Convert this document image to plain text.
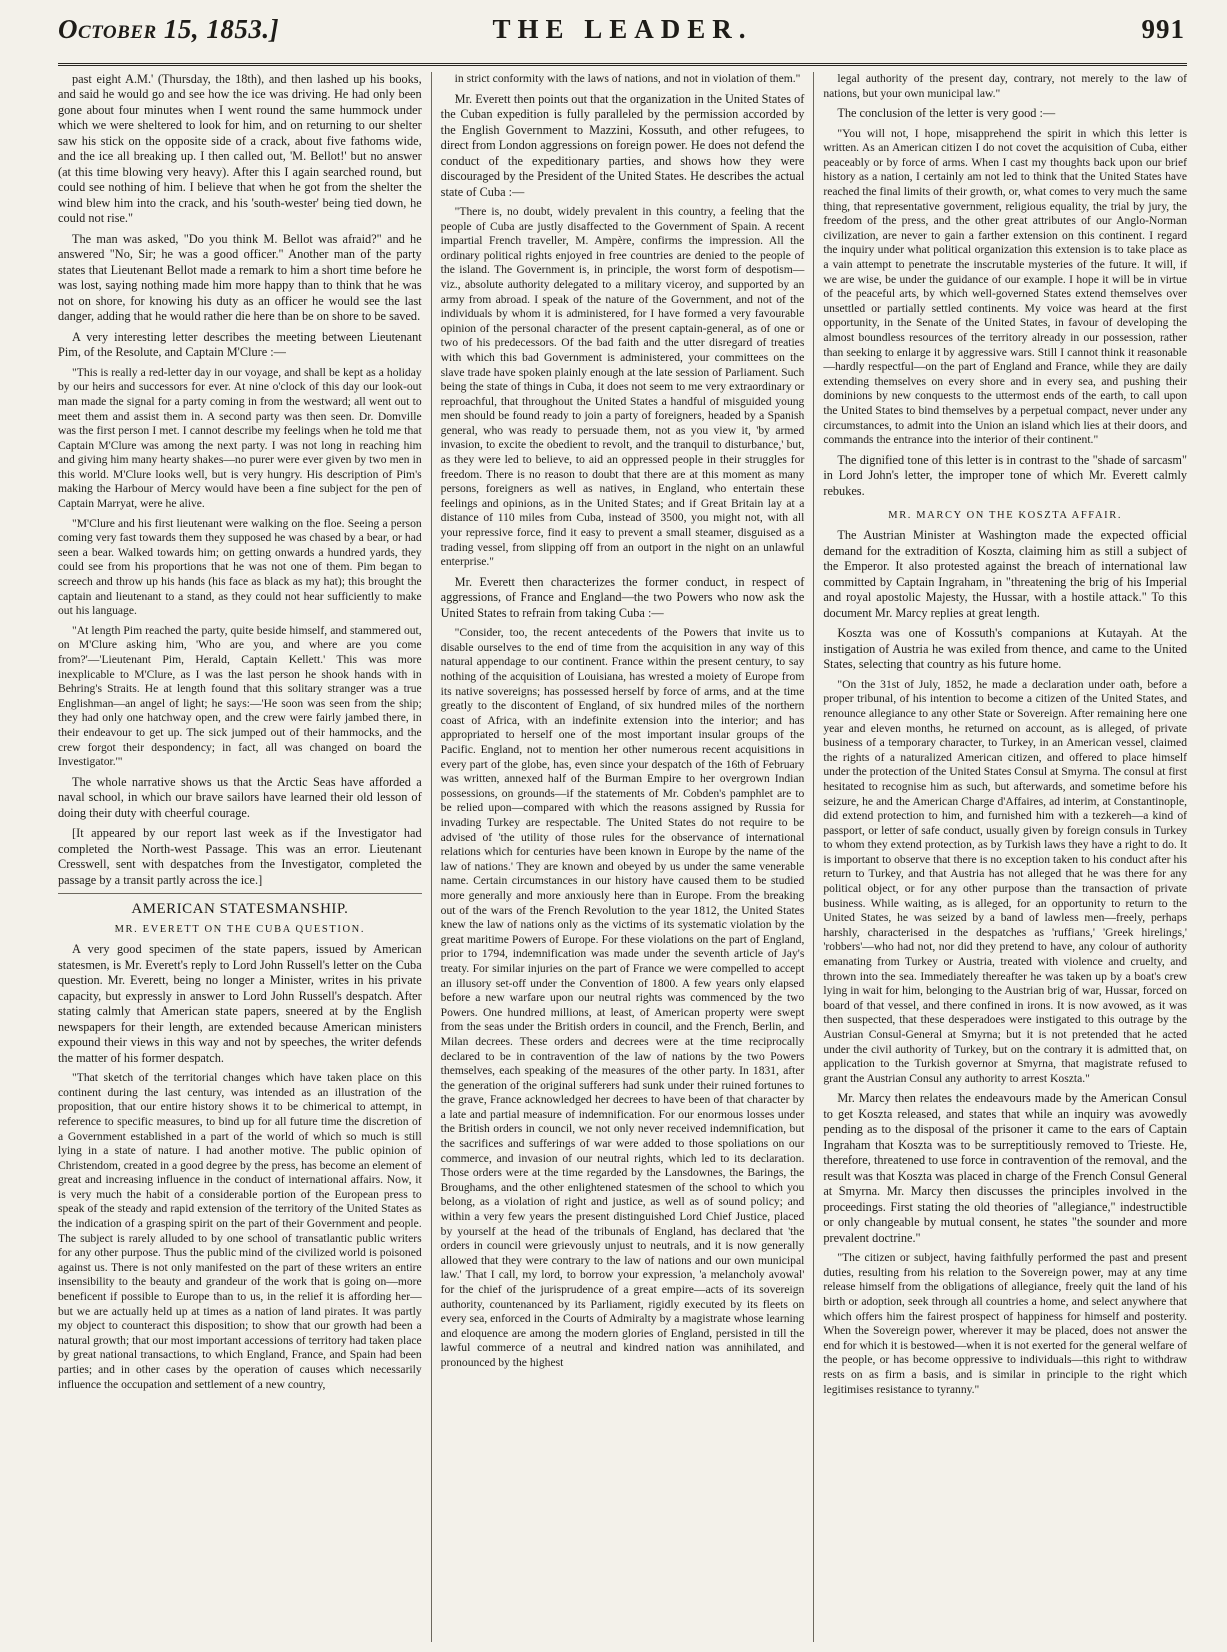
October 15, 1853.]	THE LEADER.	991

past eight A.M.' (Thursday, the 18th), and then lashed up his books, and said he would go and see how the ice was driving. He had only been gone about four minutes when I went round the same hummock under which we were sheltered to look for him, and on returning to our shelter saw his stick on the opposite side of a crack, about five fathoms wide, and the ice all breaking up. I then called out, 'M. Bellot!' but no answer (at this time blowing very heavy). After this I again searched round, but could see nothing of him. I believe that when he got from the shelter the wind blew him into the crack, and his 'south-wester' being tied down, he could not rise."

The man was asked, "Do you think M. Bellot was afraid?" and he answered "No, Sir; he was a good officer." Another man of the party states that Lieutenant Bellot made a remark to him a short time before he was lost, saying nothing made him more happy than to think that he was not on shore, for knowing his duty as an officer he would see the last danger, adding that he would rather die here than be on shore to be saved.

A very interesting letter describes the meeting between Lieutenant Pim, of the Resolute, and Captain M'Clure :—

"This is really a red-letter day in our voyage, and shall be kept as a holiday by our heirs and successors for ever. At nine o'clock of this day our look-out man made the signal for a party coming in from the westward; all went out to meet them and assist them in. A second party was then seen. Dr. Domville was the first person I met. I cannot describe my feelings when he told me that Captain M'Clure was among the next party. I was not long in reaching him and giving him many hearty shakes—no purer were ever given by two men in this world. M'Clure looks well, but is very hungry. His description of Pim's making the Harbour of Mercy would have been a fine subject for the pen of Captain Marryat, were he alive.

"M'Clure and his first lieutenant were walking on the floe. Seeing a person coming very fast towards them they supposed he was chased by a bear, or had seen a bear. Walked towards him; on getting onwards a hundred yards, they could see from his proportions that he was not one of them. Pim began to screech and throw up his hands (his face as black as my hat); this brought the captain and lieutenant to a stand, as they could not hear sufficiently to make out his language.

"At length Pim reached the party, quite beside himself, and stammered out, on M'Clure asking him, 'Who are you, and where are you come from?'—'Lieutenant Pim, Herald, Captain Kellett.' This was more inexplicable to M'Clure, as I was the last person he shook hands with in Behring's Straits. He at length found that this solitary stranger was a true Englishman—an angel of light; he says:—'He soon was seen from the ship; they had only one hatchway open, and the crew were fairly jambed there, in their endeavour to get up. The sick jumped out of their hammocks, and the crew forgot their despondency; in fact, all was changed on board the Investigator.'"

The whole narrative shows us that the Arctic Seas have afforded a naval school, in which our brave sailors have learned their old lesson of doing their duty with cheerful courage.

[It appeared by our report last week as if the Investigator had completed the North-west Passage. This was an error. Lieutenant Cresswell, sent with despatches from the Investigator, completed the passage by a transit partly across the ice.]

AMERICAN STATESMANSHIP.
MR. EVERETT ON THE CUBA QUESTION.

A very good specimen of the state papers, issued by American statesmen, is Mr. Everett's reply to Lord John Russell's letter on the Cuba question. Mr. Everett, being no longer a Minister, writes in his private capacity, but expressly in answer to Lord John Russell's despatch. After stating calmly that American state papers, sneered at by the English newspapers for their length, are extended because American ministers expound their views in this way and not by speeches, the writer defends the matter of his former despatch.

"That sketch of the territorial changes which have taken place on this continent during the last century, was intended as an illustration of the proposition, that our entire history shows it to be chimerical to attempt, in reference to specific measures, to bind up for all future time the discretion of a Government established in a part of the world of which so much is still lying in a state of nature. I had another motive. The public opinion of Christendom, created in a good degree by the press, has become an element of great and increasing influence in the conduct of international affairs. Now, it is very much the habit of a considerable portion of the European press to speak of the steady and rapid extension of the territory of the United States as the indication of a grasping spirit on the part of their Government and people. The subject is rarely alluded to by one school of transatlantic public writers for any other purpose. Thus the public mind of the civilized world is poisoned against us. There is not only manifested on the part of these writers an entire insensibility to the beauty and grandeur of the work that is going on—more beneficent if possible to Europe than to us, in the relief it is affording her—but we are actually held up at times as a nation of land pirates. It was partly my object to counteract this disposition; to show that our growth had been a natural growth; that our most important accessions of territory had taken place by great national transactions, to which England, France, and Spain had been parties; and in other cases by the operation of causes which necessarily influence the occupation and settlement of a new country,

in strict conformity with the laws of nations, and not in violation of them."

Mr. Everett then points out that the organization in the United States of the Cuban expedition is fully paralleled by the permission accorded by the English Government to Mazzini, Kossuth, and other refugees, to direct from London aggressions on foreign power. He does not defend the conduct of the expeditionary parties, and shows how they were discouraged by the President of the United States. He describes the actual state of Cuba :—

"There is, no doubt, widely prevalent in this country, a feeling that the people of Cuba are justly disaffected to the Government of Spain. A recent impartial French traveller, M. Ampère, confirms the impression. All the ordinary political rights enjoyed in free countries are denied to the people of the island. The Government is, in principle, the worst form of despotism—viz., absolute authority delegated to a military viceroy, and supported by an army from abroad. I speak of the nature of the Government, and not of the individuals by whom it is administered, for I have formed a very favourable opinion of the personal character of the present captain-general, as of one or two of his predecessors. Of the bad faith and the utter disregard of treaties with which this bad Government is administered, your committees on the slave trade have spoken plainly enough at the late session of Parliament. Such being the state of things in Cuba, it does not seem to me very extraordinary or reproachful, that throughout the United States a handful of misguided young men should be found ready to join a party of foreigners, headed by a Spanish general, who was ready to persuade them, not as you view it, 'by armed invasion, to excite the obedient to revolt, and the tranquil to disturbance,' but, as they were led to believe, to aid an oppressed people in their struggles for freedom. There is no reason to doubt that there are at this moment as many persons, foreigners as well as natives, in England, who entertain these feelings and opinions, as in the United States; and if Great Britain lay at a distance of 110 miles from Cuba, instead of 3500, you might not, with all your repressive force, find it easy to prevent a small steamer, disguised as a trading vessel, from slipping off from an outport in the night on an unlawful enterprise."

Mr. Everett then characterizes the former conduct, in respect of aggressions, of France and England—the two Powers who now ask the United States to refrain from taking Cuba :—

"Consider, too, the recent antecedents of the Powers that invite us to disable ourselves to the end of time from the acquisition in any way of this natural appendage to our continent. France within the present century, to say nothing of the acquisition of Louisiana, has wrested a moiety of Europe from its native sovereigns; has possessed herself by force of arms, and at the time greatly to the discontent of England, of six hundred miles of the northern coast of Africa, with an indefinite extension into the interior; and has appropriated to herself one of the most important insular groups of the Pacific. England, not to mention her other numerous recent acquisitions in every part of the globe, has, even since your despatch of the 16th of February was written, annexed half of the Burman Empire to her overgrown Indian possessions, on grounds—if the statements of Mr. Cobden's pamphlet are to be relied upon—compared with which the reasons assigned by Russia for invading Turkey are respectable. The United States do not require to be advised of 'the utility of those rules for the observance of international relations which for centuries have been known in Europe by the name of the law of nations.' They are known and obeyed by us under the same venerable name. Certain circumstances in our history have caused them to be studied more generally and more anxiously here than in Europe. From the breaking out of the wars of the French Revolution to the year 1812, the United States knew the law of nations only as the victims of its systematic violation by the great maritime Powers of Europe. For these violations on the part of England, prior to 1794, indemnification was made under the seventh article of Jay's treaty. For similar injuries on the part of France we were compelled to accept an illusory set-off under the Convention of 1800. A few years only elapsed before a new warfare upon our neutral rights was commenced by the two Powers. One hundred millions, at least, of American property were swept from the seas under the British orders in council, and the French, Berlin, and Milan decrees. These orders and decrees were at the time reciprocally declared to be in contravention of the law of nations by the two Powers themselves, each speaking of the measures of the other party. In 1831, after the generation of the original sufferers had sunk under their ruined fortunes to the grave, France acknowledged her decrees to have been of that character by a late and partial measure of indemnification. For our enormous losses under the British orders in council, we not only never received indemnification, but the sacrifices and sufferings of war were added to those spoliations on our commerce, and invasion of our neutral rights, which led to its declaration. Those orders were at the time regarded by the Lansdownes, the Barings, the Broughams, and the other enlightened statesmen of the school to which you belong, as a violation of right and justice, as well as of sound policy; and within a very few years the present distinguished Lord Chief Justice, placed by yourself at the head of the tribunals of England, has declared that 'the orders in council were grievously unjust to neutrals, and it is now generally allowed that they were contrary to the law of nations and our own municipal law.' That I call, my lord, to borrow your expression, 'a melancholy avowal' for the chief of the jurisprudence of a great empire—acts of its sovereign authority, countenanced by its Parliament, rigidly executed by its fleets on every sea, enforced in the Courts of Admiralty by a magistrate whose learning and eloquence are among the modern glories of England, persisted in till the lawful commerce of a neutral and kindred nation was annihilated, and pronounced by the highest

legal authority of the present day, contrary, not merely to the law of nations, but your own municipal law."

The conclusion of the letter is very good :—

"You will not, I hope, misapprehend the spirit in which this letter is written. As an American citizen I do not covet the acquisition of Cuba, either peaceably or by force of arms. When I cast my thoughts back upon our brief history as a nation, I certainly am not led to think that the United States have reached the final limits of their growth, or, what comes to very much the same thing, that representative government, religious equality, the trial by jury, the freedom of the press, and the other great attributes of our Anglo-Norman civilization, are never to gain a farther extension on this continent. I regard the inquiry under what political organization this extension is to take place as a vain attempt to penetrate the inscrutable mysteries of the future. It will, if we are wise, be under the guidance of our example. I hope it will be in virtue of the peaceful arts, by which well-governed States extend themselves over unsettled or partially settled continents. My voice was heard at the first opportunity, in the Senate of the United States, in favour of developing the almost boundless resources of the territory already in our possession, rather than seeking to enlarge it by aggressive wars. Still I cannot think it reasonable—hardly respectful—on the part of England and France, while they are daily extending themselves on every shore and in every sea, and pushing their dominions by new conquests to the uttermost ends of the earth, to call upon the United States to bind themselves by a perpetual compact, never under any circumstances, to admit into the Union an island which lies at their doors, and commands the entrance into the interior of their continent."

The dignified tone of this letter is in contrast to the "shade of sarcasm" in Lord John's letter, the improper tone of which Mr. Everett calmly rebukes.

MR. MARCY ON THE KOSZTA AFFAIR.

The Austrian Minister at Washington made the expected official demand for the extradition of Koszta, claiming him as still a subject of the Emperor. It also protested against the breach of international law committed by Captain Ingraham, in "threatening the brig of his Imperial and royal apostolic Majesty, the Hussar, with a hostile attack." To this document Mr. Marcy replies at great length.

Koszta was one of Kossuth's companions at Kutayah. At the instigation of Austria he was exiled from thence, and came to the United States, selecting that country as his future home.

"On the 31st of July, 1852, he made a declaration under oath, before a proper tribunal, of his intention to become a citizen of the United States, and renounce allegiance to any other State or Sovereign. After remaining here one year and eleven months, he returned on account, as is alleged, of private business of a temporary character, to Turkey, in an American vessel, claimed the rights of a naturalized American citizen, and offered to place himself under the protection of the United States Consul at Smyrna. The consul at first hesitated to recognise him as such, but afterwards, and sometime before his seizure, he and the American Charge d'Affaires, ad interim, at Constantinople, did extend protection to him, and furnished him with a tezkereh—a kind of passport, or letter of safe conduct, usually given by foreign consuls in Turkey to whom they extend protection, as by Turkish laws they have a right to do. It is important to observe that there is no exception taken to his conduct after his return to Turkey, and that Austria has not alleged that he was there for any political object, or for any other purpose than the transaction of private business. While waiting, as is alleged, for an opportunity to return to the United States, he was seized by a band of lawless men—freely, perhaps harshly, characterised in the despatches as 'ruffians,' 'Greek hirelings,' 'robbers'—who had not, nor did they pretend to have, any colour of authority emanating from Turkey or Austria, treated with violence and cruelty, and thrown into the sea. Immediately thereafter he was taken up by a boat's crew lying in wait for him, belonging to the Austrian brig of war, Hussar, forced on board of that vessel, and there confined in irons. It is now avowed, as it was then suspected, that these desperadoes were instigated to this outrage by the Austrian Consul-General at Smyrna; but it is not pretended that he acted under the civil authority of Turkey, but on the contrary it is admitted that, on application to the Turkish governor at Smyrna, that magistrate refused to grant the Austrian Consul any authority to arrest Koszta."

Mr. Marcy then relates the endeavours made by the American Consul to get Koszta released, and states that while an inquiry was avowedly pending as to the disposal of the prisoner it came to the ears of Captain Ingraham that Koszta was to be surreptitiously removed to Trieste. He, therefore, threatened to use force in contravention of the removal, and the result was that Koszta was placed in charge of the French Consul General at Smyrna. Mr. Marcy then discusses the principles involved in the proceedings. First stating the old theories of "allegiance," indestructible or only changeable by mutual consent, he states "the sounder and more prevalent doctrine."

"The citizen or subject, having faithfully performed the past and present duties, resulting from his relation to the Sovereign power, may at any time release himself from the obligations of allegiance, freely quit the land of his birth or adoption, seek through all countries a home, and select anywhere that which offers him the fairest prospect of happiness for himself and posterity. When the Sovereign power, wherever it may be placed, does not answer the end for which it is bestowed—when it is not exerted for the general welfare of the people, or has become oppressive to individuals—this right to withdraw rests on as firm a basis, and is similar in principle to the right which legitimises resistance to tyranny."
